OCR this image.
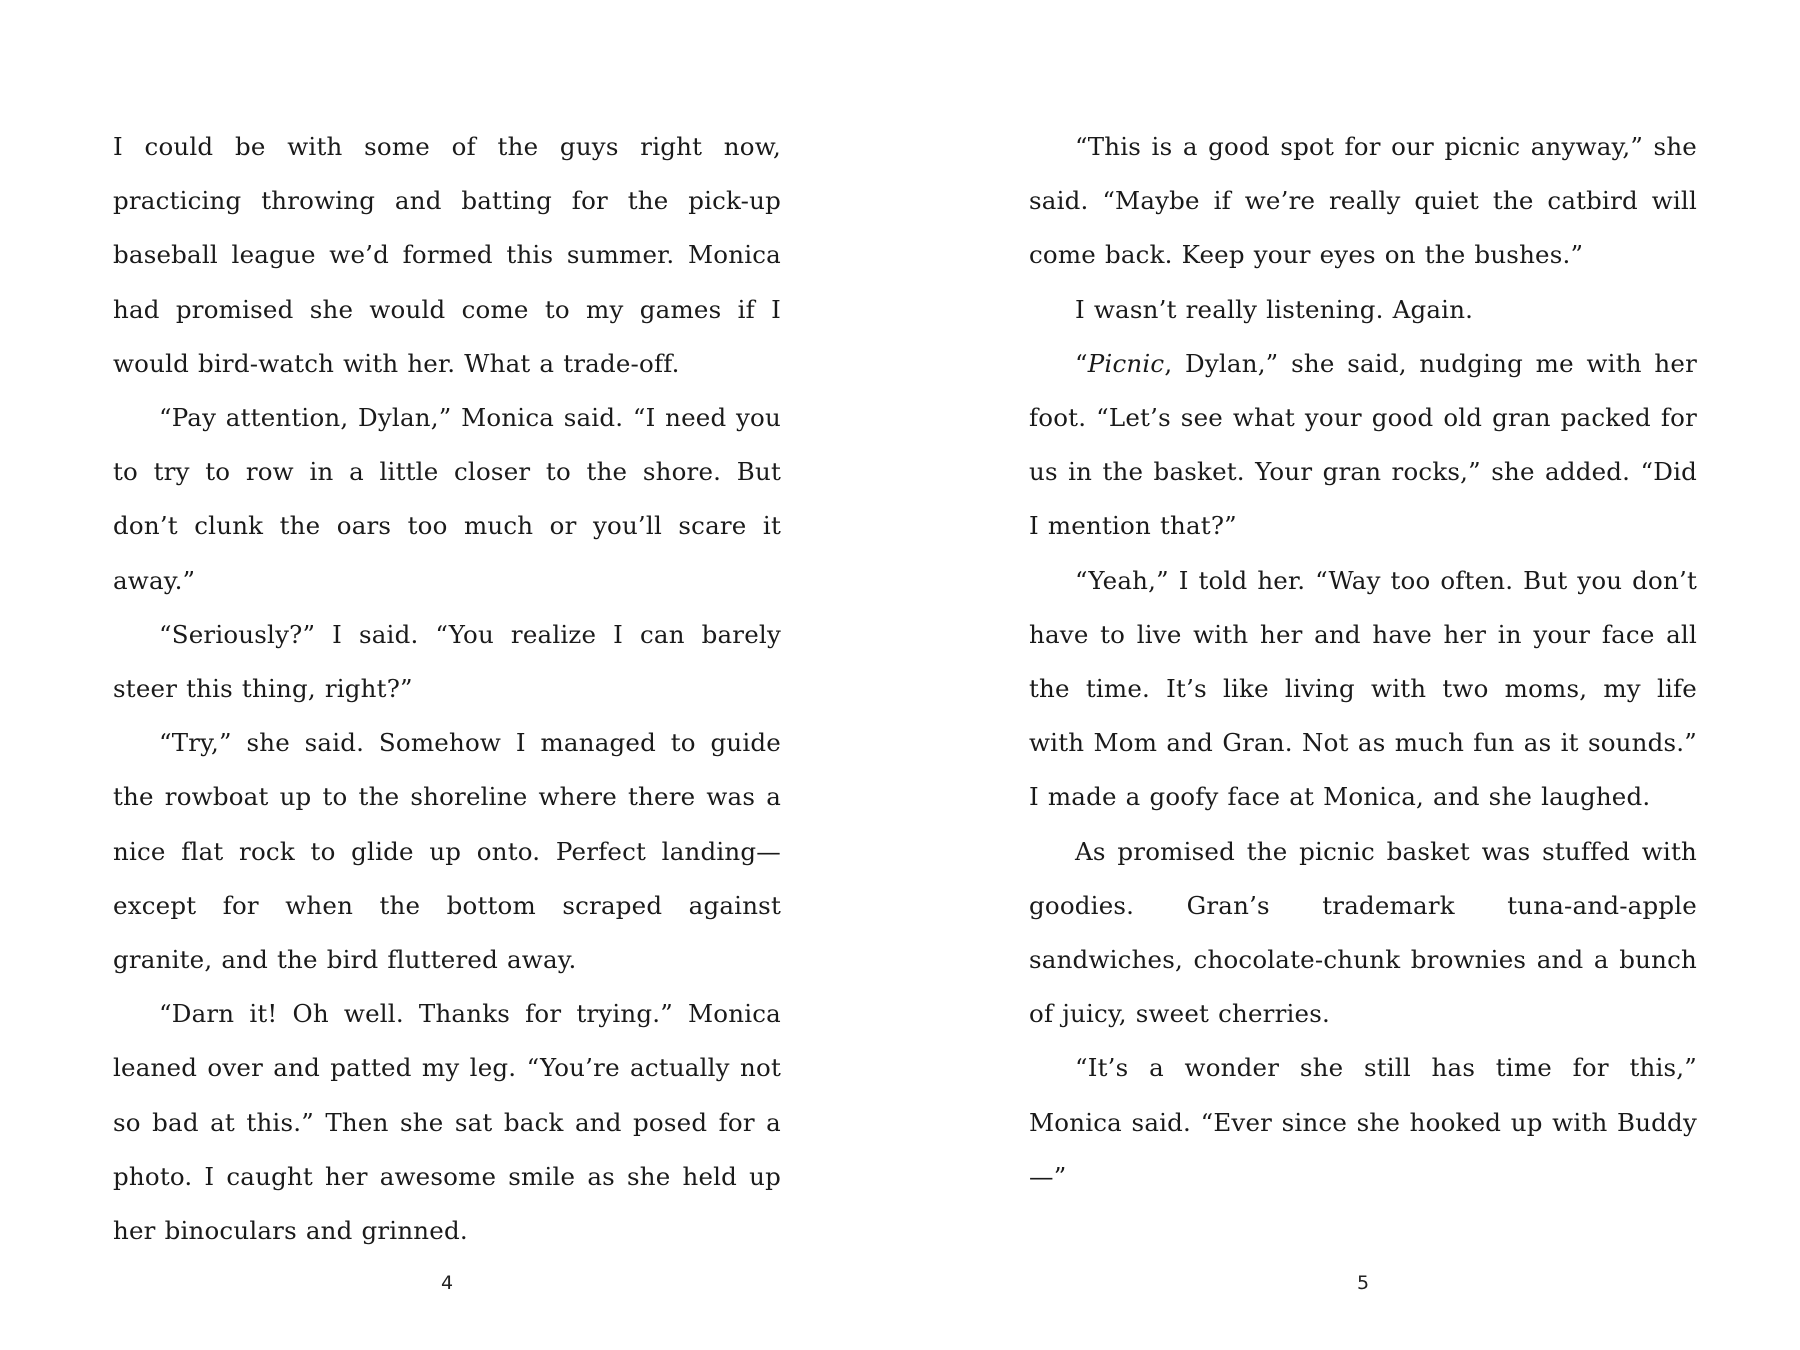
I could be with some of the guys right now, practicing throwing and batting for the pick-up baseball league we’d formed this summer. Monica had promised she would come to my games if I would bird-watch with her. What a trade-off.

“Pay attention, Dylan,” Monica said. “I need you to try to row in a little closer to the shore. But don’t clunk the oars too much or you’ll scare it away.”

“Seriously?” I said. “You realize I can barely steer this thing, right?”

“Try,” she said. Somehow I managed to guide the rowboat up to the shoreline where there was a nice flat rock to glide up onto. Perfect landing—except for when the bottom scraped against granite, and the bird fluttered away.

“Darn it! Oh well. Thanks for trying.” Monica leaned over and patted my leg. “You’re actually not so bad at this.” Then she sat back and posed for a photo. I caught her awesome smile as she held up her binoculars and grinned.

“This is a good spot for our picnic anyway,” she said. “Maybe if we’re really quiet the catbird will come back. Keep your eyes on the bushes.”

I wasn’t really listening. Again.

“Picnic, Dylan,” she said, nudging me with her foot. “Let’s see what your good old gran packed for us in the basket. Your gran rocks,” she added. “Did I mention that?”

“Yeah,” I told her. “Way too often. But you don’t have to live with her and have her in your face all the time. It’s like living with two moms, my life with Mom and Gran. Not as much fun as it sounds.” I made a goofy face at Monica, and she laughed.

As promised the picnic basket was stuffed with goodies. Gran’s trademark tuna-and-apple sandwiches, chocolate-chunk brownies and a bunch of juicy, sweet cherries.

“It’s a wonder she still has time for this,” Monica said. “Ever since she hooked up with Buddy—”

4	5
